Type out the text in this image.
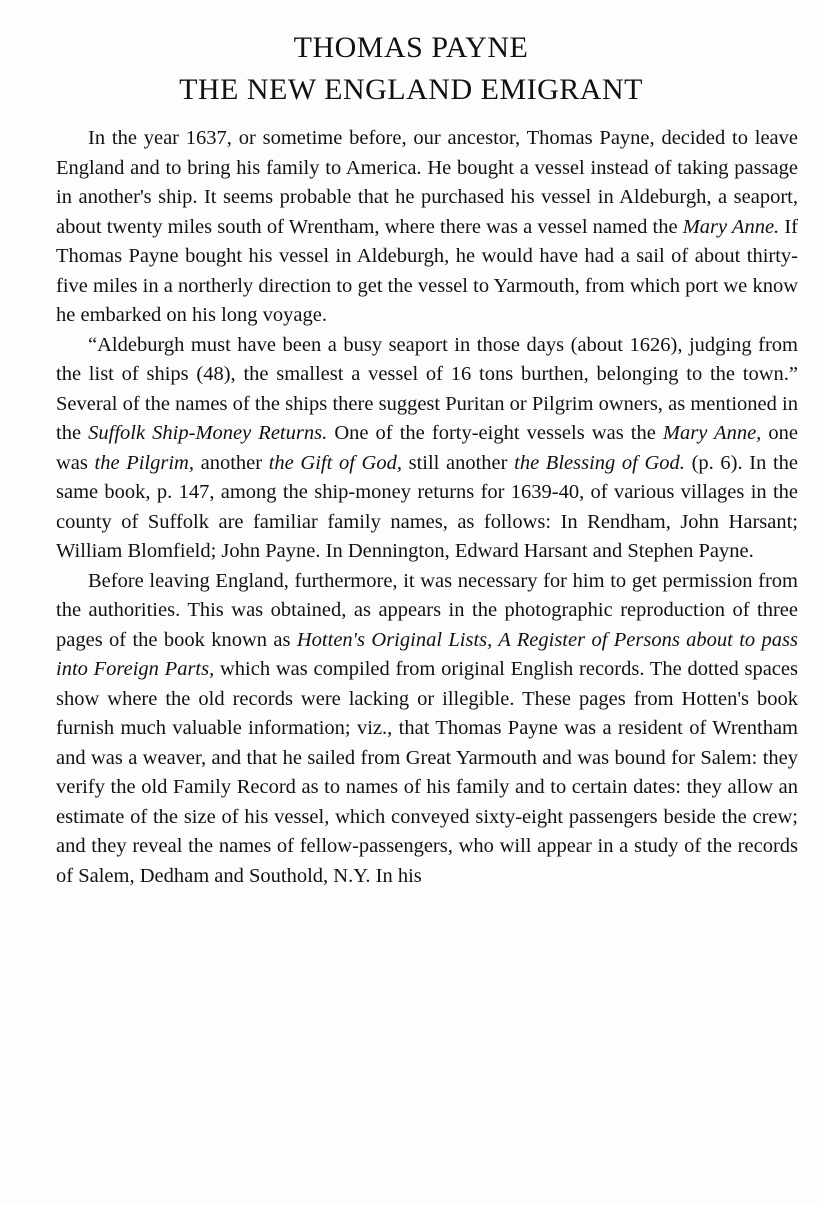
THOMAS PAYNE
THE NEW ENGLAND EMIGRANT

In the year 1637, or sometime before, our ancestor, Thomas Payne, decided to leave England and to bring his family to America. He bought a vessel instead of taking passage in another's ship. It seems probable that he purchased his vessel in Aldeburgh, a seaport, about twenty miles south of Wrentham, where there was a vessel named the Mary Anne. If Thomas Payne bought his vessel in Aldeburgh, he would have had a sail of about thirty-five miles in a northerly direction to get the vessel to Yarmouth, from which port we know he embarked on his long voyage.

“Aldeburgh must have been a busy seaport in those days (about 1626), judging from the list of ships (48), the smallest a vessel of 16 tons burthen, belonging to the town.” Several of the names of the ships there suggest Puritan or Pilgrim owners, as mentioned in the Suffolk Ship-Money Returns. One of the forty-eight vessels was the Mary Anne, one was the Pilgrim, another the Gift of God, still another the Blessing of God. (p. 6). In the same book, p. 147, among the ship-money returns for 1639-40, of various villages in the county of Suffolk are familiar family names, as follows: In Rendham, John Harsant; William Blomfield; John Payne. In Dennington, Edward Harsant and Stephen Payne.

Before leaving England, furthermore, it was necessary for him to get permission from the authorities. This was obtained, as appears in the photographic reproduction of three pages of the book known as Hotten's Original Lists, A Register of Persons about to pass into Foreign Parts, which was compiled from original English records. The dotted spaces show where the old records were lacking or illegible. These pages from Hotten's book furnish much valuable information; viz., that Thomas Payne was a resident of Wrentham and was a weaver, and that he sailed from Great Yarmouth and was bound for Salem: they verify the old Family Record as to names of his family and to certain dates: they allow an estimate of the size of his vessel, which conveyed sixty-eight passengers beside the crew; and they reveal the names of fellow-passengers, who will appear in a study of the records of Salem, Dedham and Southold, N.Y. In his
